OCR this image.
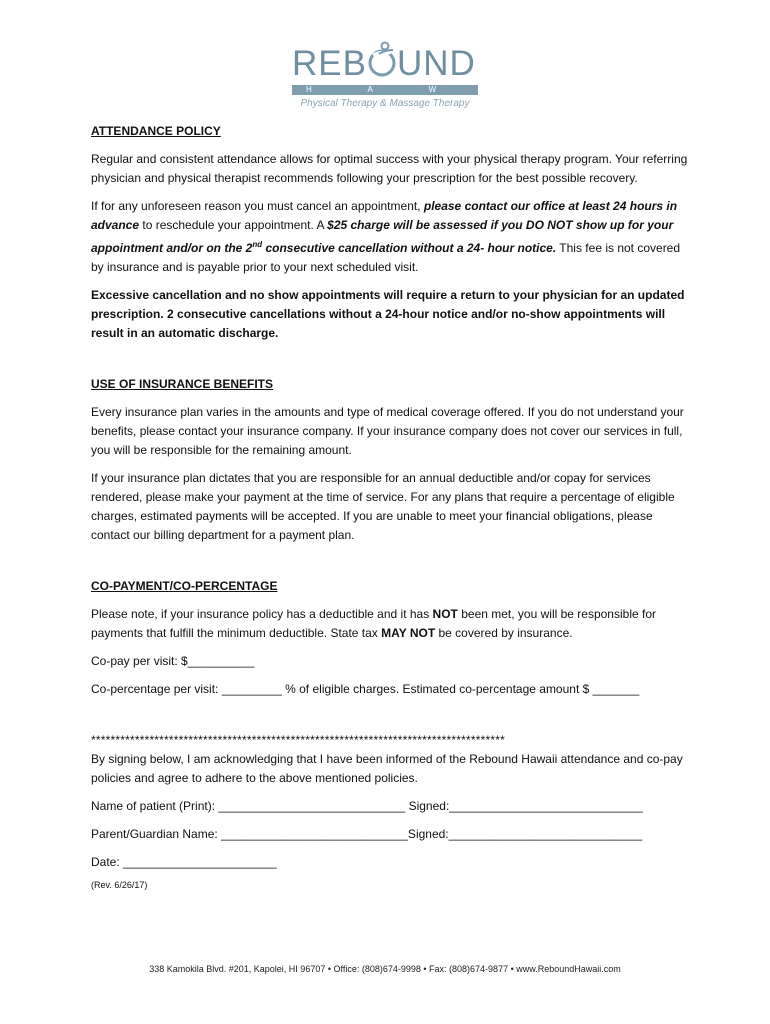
REB UND
H A W A I I
Physical Therapy & Massage Therapy

ATTENDANCE POLICY

Regular and consistent attendance allows for optimal success with your physical therapy program. Your referring physician and physical therapist recommends following your prescription for the best possible recovery.

If for any unforeseen reason you must cancel an appointment, please contact our office at least 24 hours in advance to reschedule your appointment. A $25 charge will be assessed if you DO NOT show up for your appointment and/or on the 2nd consecutive cancellation without a 24- hour notice. This fee is not covered by insurance and is payable prior to your next scheduled visit.

Excessive cancellation and no show appointments will require a return to your physician for an updated prescription. 2 consecutive cancellations without a 24-hour notice and/or no-show appointments will result in an automatic discharge.

USE OF INSURANCE BENEFITS

Every insurance plan varies in the amounts and type of medical coverage offered. If you do not understand your benefits, please contact your insurance company. If your insurance company does not cover our services in full, you will be responsible for the remaining amount.

If your insurance plan dictates that you are responsible for an annual deductible and/or copay for services rendered, please make your payment at the time of service. For any plans that require a percentage of eligible charges, estimated payments will be accepted. If you are unable to meet your financial obligations, please contact our billing department for a payment plan.

CO-PAYMENT/CO-PERCENTAGE

Please note, if your insurance policy has a deductible and it has NOT been met, you will be responsible for payments that fulfill the minimum deductible. State tax MAY NOT be covered by insurance.

Co-pay per visit: $__________

Co-percentage per visit: _________ % of eligible charges. Estimated co-percentage amount $ _______

*************************************************************************************

By signing below, I am acknowledging that I have been informed of the Rebound Hawaii attendance and co-pay policies and agree to adhere to the above mentioned policies.

Name of patient (Print): ____________________________ Signed:_____________________________

Parent/Guardian Name: ____________________________Signed:_____________________________

Date: _______________________

(Rev. 6/26/17)

338 Kamokila Blvd. #201, Kapolei, HI 96707 • Office: (808)674-9998 • Fax: (808)674-9877 • www.ReboundHawaii.com
